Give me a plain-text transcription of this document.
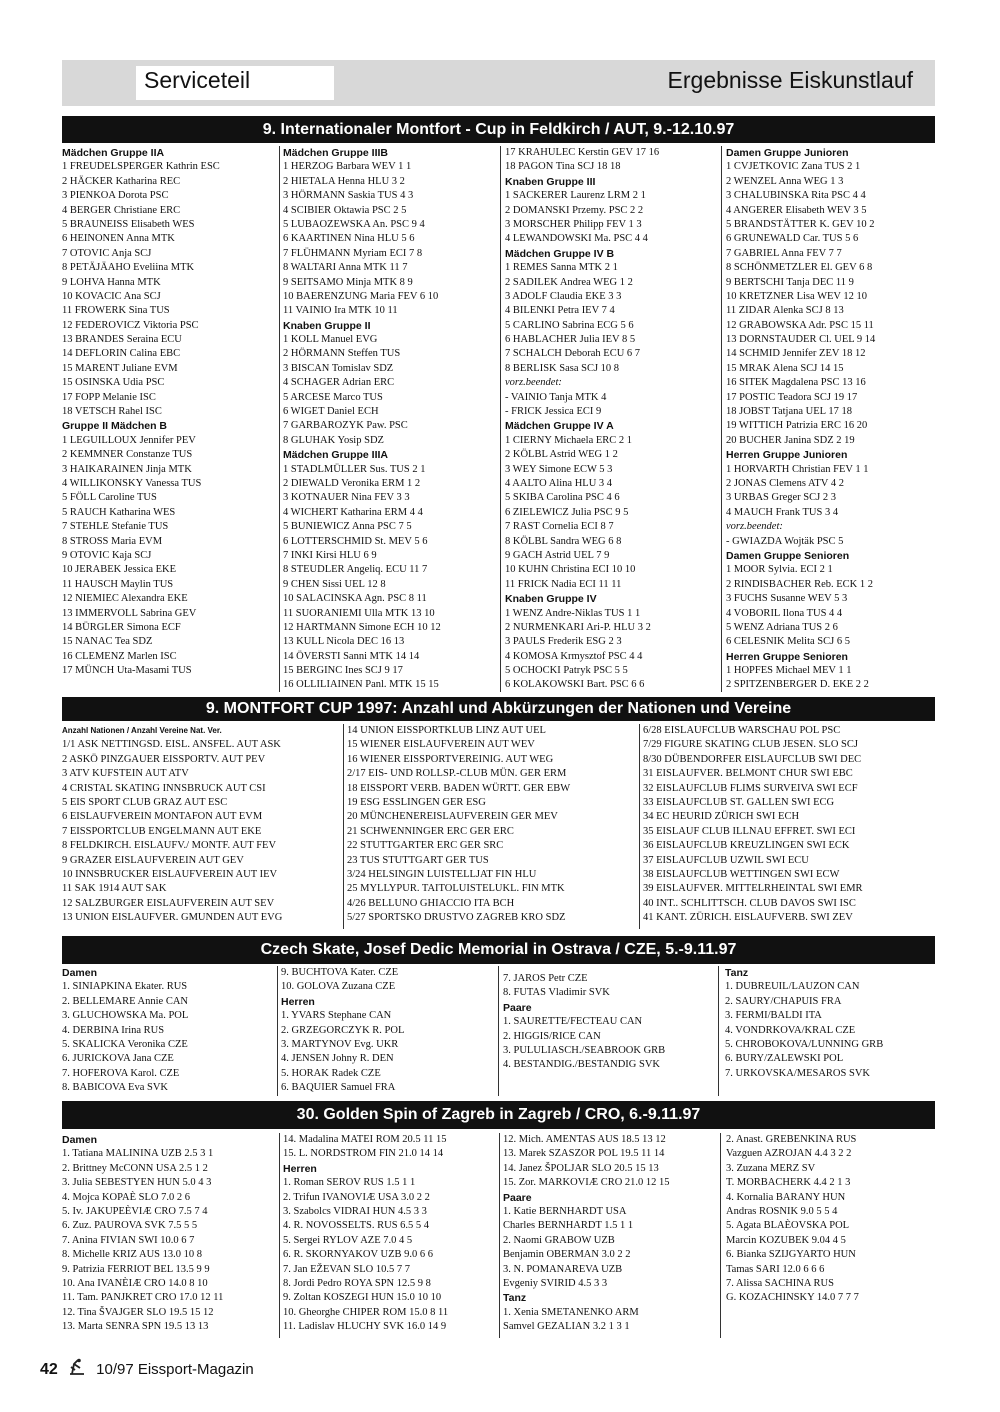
Serviceteil	Ergebnisse Eiskunstlauf
9. Internationaler Montfort - Cup in Feldkirch / AUT, 9.-12.10.97
Mädchen Gruppe IIA
1 FREUDELSPERGER Kathrin ESC
2 HÄCKER Katharina REC
3 PIENKOA Dorota PSC
4 BERGER Christiane ERC
5 BRAUNEISS Elisabeth WES
6 HEINONEN Anna MTK
7 OTOVIC Anja SCJ
8 PETÄJÄAHO Eveliina MTK
9 LOHVA Hanna MTK
10 KOVACIC Ana SCJ
11 FROWERK Sina TUS
12 FEDEROVICZ Viktoria PSC
13 BRANDES Seraina ECU
14 DEFLORIN Calina EBC
15 MARENT Juliane EVM
15 OSINSKA Udia PSC
17 FOPP Melanie ISC
18 VETSCH Rahel ISC
Gruppe II Mädchen B
1 LEGUILLOUX Jennifer PEV
2 KEMMNER Constanze TUS
3 HAIKARAINEN Jinja MTK
4 WILLIKONSKY Vanessa TUS
5 FÖLL Caroline TUS
5 RAUCH Katharina WES
7 STEHLE Stefanie TUS
8 STROSS Maria EVM
9 OTOVIC Kaja SCJ
10 JERABEK Jessica EKE
11 HAUSCH Maylin TUS
12 NIEMIEC Alexandra EKE
13 IMMERVOLL Sabrina GEV
14 BÜRGLER Simona ECF
15 NANAC Tea SDZ
16 CLEMENZ Marlen ISC
17 MÜNCH Uta-Masami TUS
Mädchen Gruppe IIIB
1 HERZOG Barbara WEV 1 1
2 HIETALA Henna HLU 3 2
3 HÖRMANN Saskia TUS 4 3
4 SCIBIER Oktawia PSC 2 5
5 LUBAOZEWSKA An. PSC 9 4
6 KAARTINEN Nina HLU 5 6
7 FLÜHMANN Myriam ECI 7 8
8 WALTARI Anna MTK 11 7
9 SEITSAMO Minja MTK 8 9
10 BAERENZUNG Maria FEV 6 10
11 VAINIO Ira MTK 10 11
Knaben Gruppe II
1 KOLL Manuel EVG
2 HÖRMANN Steffen TUS
3 BISCAN Tomislav SDZ
4 SCHAGER Adrian ERC
5 ARCESE Marco TUS
6 WIGET Daniel ECH
7 GARBAROZYK Paw. PSC
8 GLUHAK Yosip SDZ
Mädchen Gruppe IIIA
1 STADLMÜLLER Sus. TUS 2 1
2 DIEWALD Veronika ERM 1 2
3 KOTNAUER Nina FEV 3 3
4 WICHERT Katharina ERM 4 4
5 BUNIEWICZ Anna PSC 7 5
6 LOTTERSCHMID St. MEV 5 6
7 INKI Kirsi HLU 6 9
8 STEUDLER Angeliq. ECU 11 7
9 CHEN Sissi UEL 12 8
10 SALACINSKA Agn. PSC 8 11
11 SUORANIEMI Ulla MTK 13 10
12 HARTMANN Simone ECH 10 12
13 KULL Nicola DEC 16 13
14 ÖVERSTI Sanni MTK 14 14
15 BERGINC Ines SCJ 9 17
16 OLLILIAINEN Panl. MTK 15 15
17 KRAHULEC Kerstin GEV 17 16
18 PAGON Tina SCJ 18 18
Knaben Gruppe III
1 SACKERER Laurenz LRM 2 1
2 DOMANSKI Przemy. PSC 2 2
3 MORSCHER Philipp FEV 1 3
4 LEWANDOWSKI Ma. PSC 4 4
Mädchen Gruppe IV B
1 REMES Sanna MTK 2 1
2 SADILEK Andrea WEG 1 2
3 ADOLF Claudia EKE 3 3
4 BILENKI Petra IEV 7 4
5 CARLINO Sabrina ECG 5 6
6 HABLACHER Julia IEV 8 5
7 SCHALCH Deborah ECU 6 7
8 BERLISK Sasa SCJ 10 8
vorz.beendet:
- VAINIO Tanja MTK 4
- FRICK Jessica ECI 9
Mädchen Gruppe IV A
1 CIERNY Michaela ERC 2 1
2 KÖLBL Astrid WEG 1 2
3 WEY Simone ECW 5 3
4 AALTO Alina HLU 3 4
5 SKIBA Carolina PSC 4 6
6 ZIELEWICZ Julia PSC 9 5
7 RAST Cornelia ECI 8 7
8 KÖLBL Sandra WEG 6 8
9 GACH Astrid UEL 7 9
10 KUHN Christina ECI 10 10
11 FRICK Nadia ECI 11 11
Knaben Gruppe IV
1 WENZ Andre-Niklas TUS 1 1
2 NURMENKARI Ari-P. HLU 3 2
3 PAULS Frederik ESG 2 3
4 KOMOSA Krmysztof PSC 4 4
5 OCHOCKI Patryk PSC 5 5
6 KOLAKOWSKI Bart. PSC 6 6
Damen Gruppe Junioren
1 CVJETKOVIC Zana TUS 2 1
2 WENZEL Anna WEG 1 3
3 CHALUBINSKA Rita PSC 4 4
4 ANGERER Elisabeth WEV 3 5
5 BRANDSTÄTTER K. GEV 10 2
6 GRUNEWALD Car. TUS 5 6
7 GABRIEL Anna FEV 7 7
8 SCHÖNMETZLER El. GEV 6 8
9 BERTSCHI Tanja DEC 11 9
10 KRETZNER Lisa WEV 12 10
11 ZIDAR Alenka SCJ 8 13
12 GRABOWSKA Adr. PSC 15 11
13 DORNSTAUDER Cl. UEL 9 14
14 SCHMID Jennifer ZEV 18 12
15 MRAK Alena SCJ 14 15
16 SITEK Magdalena PSC 13 16
17 POSTIC Teadora SCJ 19 17
18 JOBST Tatjana UEL 17 18
19 WITTICH Patrizia ERC 16 20
20 BUCHER Janina SDZ 2 19
Herren Gruppe Junioren
1 HORVARTH Christian FEV 1 1
2 JONAS Clemens ATV 4 2
3 URBAS Greger SCJ 2 3
4 MAUCH Frank TUS 3 4
vorz.beendet:
- GWIAZDA Wojtäk PSC 5
Damen Gruppe Senioren
1 MOOR Sylvia. ECI 2 1
2 RINDISBACHER Reb. ECK 1 2
3 FUCHS Susanne WEV 5 3
4 VOBORIL Ilona TUS 4 4
5 WENZ Adriana TUS 2 6
6 CELESNIK Melita SCJ 6 5
Herren Gruppe Senioren
1 HOPFES Michael MEV 1 1
2 SPITZENBERGER D. EKE 2 2
9. MONTFORT CUP 1997: Anzahl und Abkürzungen der Nationen und Vereine
Anzahl Nationen / Anzahl Vereine Nat. Ver.
1/1 ASK NETTINGSD. EISL. ANSFEL. AUT ASK
2 ASKÖ PINZGAUER EISSPORTV. AUT PEV
3 ATV KUFSTEIN AUT ATV
4 CRISTAL SKATING INNSBRUCK AUT CSI
5 EIS SPORT CLUB GRAZ AUT ESC
6 EISLAUFVEREIN MONTAFON AUT EVM
7 EISSPORTCLUB ENGELMANN AUT EKE
8 FELDKIRCH. EISLAUFV./ MONTF. AUT FEV
9 GRAZER EISLAUFVEREIN AUT GEV
10 INNSBRUCKER EISLAUFVEREIN AUT IEV
11 SAK 1914 AUT SAK
12 SALZBURGER EISLAUFVEREIN AUT SEV
13 UNION EISLAUFVER. GMUNDEN AUT EVG
14 UNION EISSPORTKLUB LINZ AUT UEL
15 WIENER EISLAUFVEREIN AUT WEV
16 WIENER EISSPORTVEREINIG. AUT WEG
2/17 EIS- UND ROLLSP.-CLUB MÜN. GER ERM
18 EISSPORT VERB. BADEN WÜRTT. GER EBW
19 ESG ESSLINGEN GER ESG
20 MÜNCHENEREISLAUFVEREIN GER MEV
21 SCHWENNINGER ERC GER ERC
22 STUTTGARTER ERC GER SRC
23 TUS STUTTGART GER TUS
3/24 HELSINGIN LUISTELLJAT FIN HLU
25 MYLLYPUR. TAITOLUISTELUKL. FIN MTK
4/26 BELLUNO GHIACCIO ITA BCH
5/27 SPORTSKO DRUSTVO ZAGREB KRO SDZ
6/28 EISLAUFCLUB WARSCHAU POL PSC
7/29 FIGURE SKATING CLUB JESEN. SLO SCJ
8/30 DÜBENDORFER EISLAUFCLUB SWI DEC
31 EISLAUFVER. BELMONT CHUR SWI EBC
32 EISLAUFCLUB FLIMS SURVEIVA SWI ECF
33 EISLAUFCLUB ST. GALLEN SWI ECG
34 EC HEURID ZÜRICH SWI ECH
35 EISLAUF CLUB ILLNAU EFFRET. SWI ECI
36 EISLAUFCLUB KREUZLINGEN SWI ECK
37 EISLAUFCLUB UZWIL SWI ECU
38 EISLAUFCLUB WETTINGEN SWI ECW
39 EISLAUFVER. MITTELRHEINTAL SWI EMR
40 INT.. SCHLITTSCH. CLUB DAVOS SWI ISC
41 KANT. ZÜRICH. EISLAUFVERB. SWI ZEV
Czech Skate, Josef Dedic Memorial in Ostrava / CZE, 5.-9.11.97
Damen
1. SINIAPKINA Ekater. RUS
2. BELLEMARE Annie CAN
3. GLUCHOWSKA Ma. POL
4. DERBINA Irina RUS
5. SKALICKA Veronika CZE
6. JURICKOVA Jana CZE
7. HOFEROVA Karol. CZE
8. BABICOVA Eva SVK
9. BUCHTOVA Kater. CZE
10. GOLOVA Zuzana CZE
Herren
1. YVARS Stephane CAN
2. GRZEGORCZYK R. POL
3. MARTYNOV Evg. UKR
4. JENSEN Johny R. DEN
5. HORAK Radek CZE
6. BAQUIER Samuel FRA
7. JAROS Petr CZE
8. FUTAS Vladimir SVK
Paare
1. SAURETTE/FECTEAU CAN
2. HIGGIS/RICE CAN
3. PULULIASCH./SEABROOK GRB
4. BESTANDIG./BESTANDIG SVK
Tanz
1. DUBREUIL/LAUZON CAN
2. SAURY/CHAPUIS FRA
3. FERMI/BALDI ITA
4. VONDRKOVA/KRAL CZE
5. CHROBOKOVA/LUNNING GRB
6. BURY/ZALEWSKI POL
7. URKOVSKA/MESAROS SVK
30. Golden Spin of Zagreb in Zagreb / CRO, 6.-9.11.97
Damen
1. Tatiana MALININA UZB 2.5 3 1
2. Brittney McCONN USA 2.5 1 2
3. Julia SEBESTYEN HUN 5.0 4 3
4. Mojca KOPAÈ SLO 7.0 2 6
5. Iv. JAKUPEÈVIÆ CRO 7.5 7 4
6. Zuz. PAUROVA SVK 7.5 5 5
7. Anina FIVIAN SWI 10.0 6 7
8. Michelle KRIZ AUS 13.0 10 8
9. Patrizia FERRIOT BEL 13.5 9 9
10. Ana IVANÈIÆ CRO 14.0 8 10
11. Tam. PANJKRET CRO 17.0 12 11
12. Tina ŠVAJGER SLO 19.5 15 12
13. Marta SENRA SPN 19.5 13 13
14. Madalina MATEI ROM 20.5 11 15
15. L. NORDSTROM FIN 21.0 14 14
Herren
1. Roman SEROV RUS 1.5 1 1
2. Trifun IVANOVIÆ USA 3.0 2 2
3. Szabolcs VIDRAI HUN 4.5 3 3
4. R. NOVOSSELTS. RUS 6.5 5 4
5. Sergei RYLOV AZE 7.0 4 5
6. R. SKORNYAKOV UZB 9.0 6 6
7. Jan EŽEVAN SLO 10.5 7 7
8. Jordi Pedro ROYA SPN 12.5 9 8
9. Zoltan KOSZEGI HUN 15.0 10 10
10. Gheorghe CHIPER ROM 15.0 8 11
11. Ladislav HLUCHY SVK 16.0 14 9
12. Mich. AMENTAS AUS 18.5 13 12
13. Marek SZASZOR POL 19.5 11 14
14. Janez ŠPOLJAR SLO 20.5 15 13
15. Zor. MARKOVIÆ CRO 21.0 12 15
Paare
1. Katie BERNHARDT USA
Charles BERNHARDT 1.5 1 1
2. Naomi GRABOW UZB
Benjamin OBERMAN 3.0 2 2
3. N. POMANAREVA UZB
Evgeniy SVIRID 4.5 3 3
Tanz
1. Xenia SMETANENKO ARM
Samvel GEZALIAN 3.2 1 3 1
2. Anast. GREBENKINA RUS
Vazguen AZROJAN 4.4 3 2 2
3. Zuzana MERZ SV
T. MORBACHERK 4.4 2 1 3
4. Kornalia BARANY HUN
Andras ROSNIK 9.0 5 5 4
5. Agata BLAÈOVSKA POL
Marcin KOZUBEK 9.04 4 5
6. Bianka SZIJGYARTO HUN
Tamas SARI 12.0 6 6 6
7. Alissa SACHINA RUS
G. KOZACHINSKY 14.0 7 7 7
42	10/97 Eissport-Magazin
